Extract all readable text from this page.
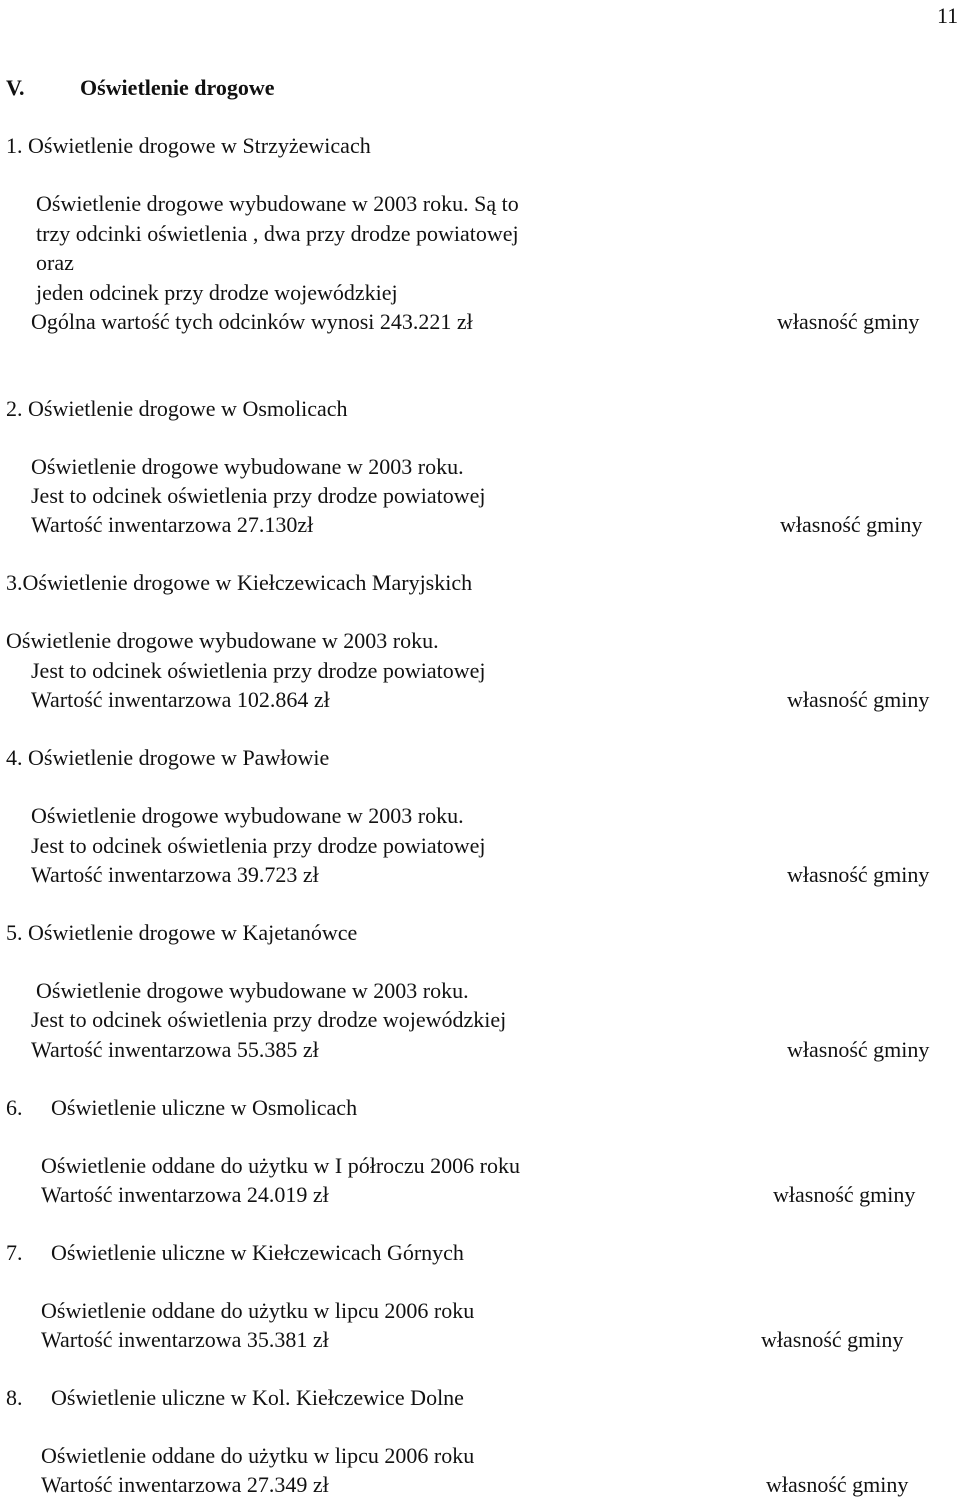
11
V.	Oświetlenie drogowe
1. Oświetlenie drogowe w Strzyżewicach
Oświetlenie drogowe wybudowane w 2003 roku. Są to
trzy odcinki oświetlenia , dwa przy drodze powiatowej
oraz
jeden odcinek przy drodze wojewódzkiej
Ogólna wartość tych odcinków wynosi 243.221 zł	własność gminy
2. Oświetlenie drogowe w Osmolicach
Oświetlenie drogowe wybudowane w 2003 roku.
Jest to odcinek oświetlenia przy drodze powiatowej
Wartość inwentarzowa 27.130zł	własność gminy
3.Oświetlenie drogowe w Kiełczewicach Maryjskich
Oświetlenie drogowe wybudowane w 2003 roku.
Jest to odcinek oświetlenia przy drodze powiatowej
Wartość inwentarzowa 102.864 zł	własność gminy
4. Oświetlenie drogowe w Pawłowie
Oświetlenie drogowe wybudowane w 2003 roku.
Jest to odcinek oświetlenia przy drodze powiatowej
Wartość inwentarzowa 39.723 zł	własność gminy
5. Oświetlenie drogowe w Kajetanówce
Oświetlenie drogowe wybudowane w 2003 roku.
Jest to odcinek oświetlenia przy drodze wojewódzkiej
Wartość inwentarzowa 55.385 zł	własność gminy
6. Oświetlenie uliczne w Osmolicach
Oświetlenie oddane do użytku w I półroczu 2006 roku
Wartość inwentarzowa 24.019 zł	własność gminy
7. Oświetlenie uliczne w Kiełczewicach Górnych
Oświetlenie oddane do użytku w lipcu 2006 roku
Wartość inwentarzowa 35.381 zł	własność gminy
8. Oświetlenie uliczne w Kol. Kiełczewice Dolne
Oświetlenie oddane do użytku w lipcu 2006 roku
Wartość inwentarzowa 27.349 zł	własność gminy
